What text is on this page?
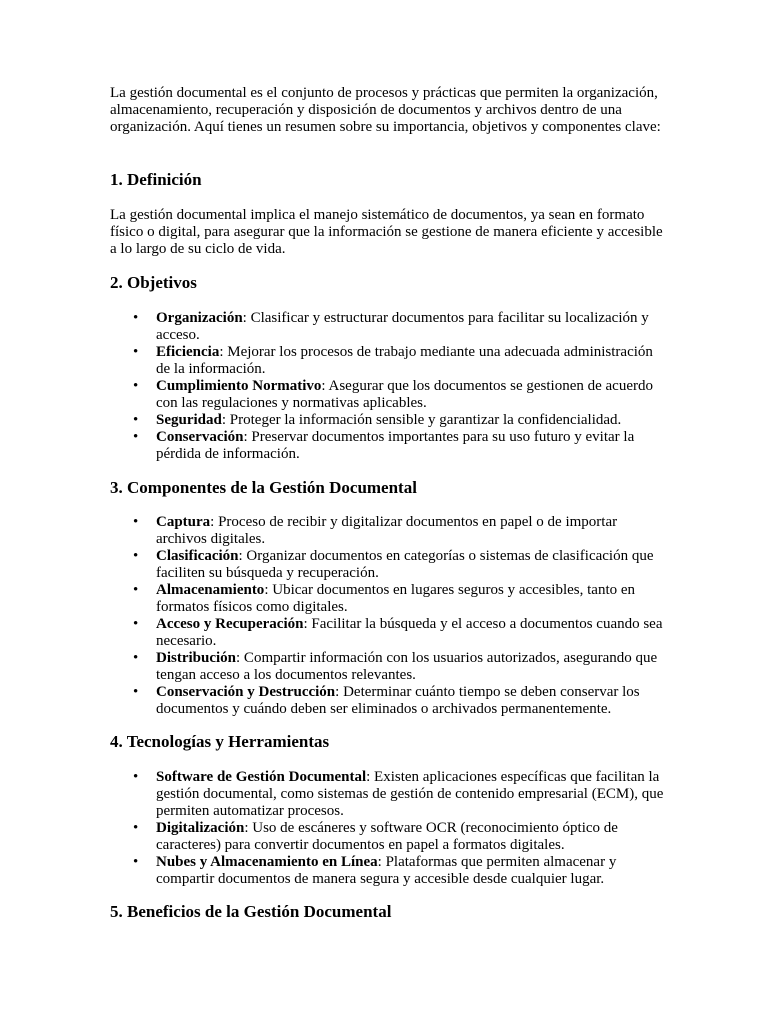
La gestión documental es el conjunto de procesos y prácticas que permiten la organización, almacenamiento, recuperación y disposición de documentos y archivos dentro de una organización. Aquí tienes un resumen sobre su importancia, objetivos y componentes clave:

1. Definición

La gestión documental implica el manejo sistemático de documentos, ya sean en formato físico o digital, para asegurar que la información se gestione de manera eficiente y accesible a lo largo de su ciclo de vida.

2. Objetivos
• Organización: Clasificar y estructurar documentos para facilitar su localización y acceso.
• Eficiencia: Mejorar los procesos de trabajo mediante una adecuada administración de la información.
• Cumplimiento Normativo: Asegurar que los documentos se gestionen de acuerdo con las regulaciones y normativas aplicables.
• Seguridad: Proteger la información sensible y garantizar la confidencialidad.
• Conservación: Preservar documentos importantes para su uso futuro y evitar la pérdida de información.
3. Componentes de la Gestión Documental
• Captura: Proceso de recibir y digitalizar documentos en papel o de importar archivos digitales.
• Clasificación: Organizar documentos en categorías o sistemas de clasificación que faciliten su búsqueda y recuperación.
• Almacenamiento: Ubicar documentos en lugares seguros y accesibles, tanto en formatos físicos como digitales.
• Acceso y Recuperación: Facilitar la búsqueda y el acceso a documentos cuando sea necesario.
• Distribución: Compartir información con los usuarios autorizados, asegurando que tengan acceso a los documentos relevantes.
• Conservación y Destrucción: Determinar cuánto tiempo se deben conservar los documentos y cuándo deben ser eliminados o archivados permanentemente.
4. Tecnologías y Herramientas
• Software de Gestión Documental: Existen aplicaciones específicas que facilitan la gestión documental, como sistemas de gestión de contenido empresarial (ECM), que permiten automatizar procesos.
• Digitalización: Uso de escáneres y software OCR (reconocimiento óptico de caracteres) para convertir documentos en papel a formatos digitales.
• Nubes y Almacenamiento en Línea: Plataformas que permiten almacenar y compartir documentos de manera segura y accesible desde cualquier lugar.
5. Beneficios de la Gestión Documental
